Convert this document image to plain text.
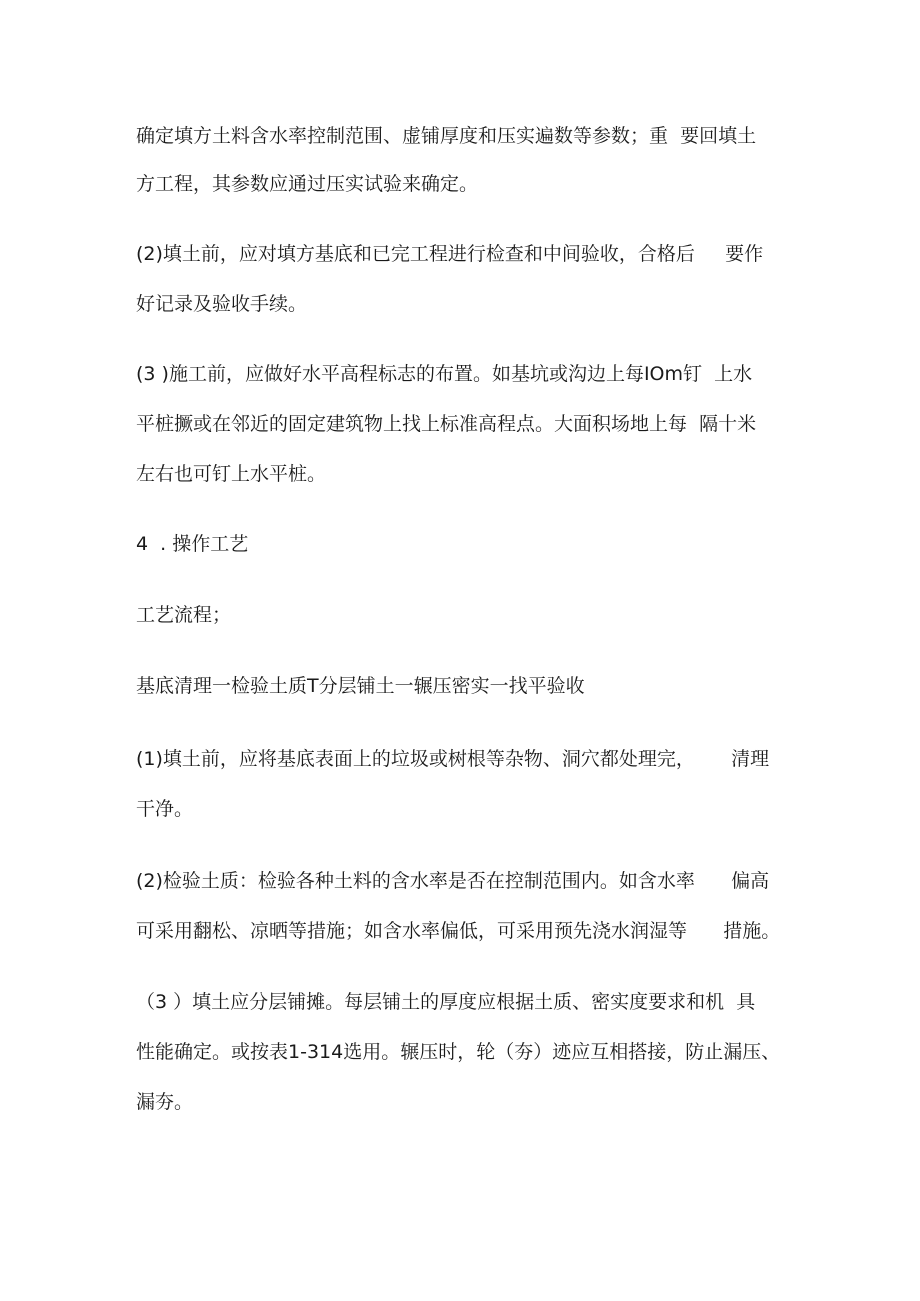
确定填方土料含水率控制范围、虚铺厚度和压实遍数等参数；重  要回填土
方工程，其参数应通过压实试验来确定。
(2)填土前，应对填方基底和已完工程进行检查和中间验收，合格后     要作
好记录及验收手续。
(3 )施工前，应做好水平高程标志的布置。如基坑或沟边上每IOm钉  上水
平桩撅或在邻近的固定建筑物上找上标准高程点。大面积场地上每  隔十米
左右也可钉上水平桩。
4  . 操作工艺
工艺流程；
基底清理一检验土质T分层铺土一辗压密实一找平验收
(1)填土前，应将基底表面上的垃圾或树根等杂物、洞穴都处理完，      清理
干净。
(2)检验土质：检验各种土料的含水率是否在控制范围内。如含水率      偏高
可采用翻松、凉晒等措施；如含水率偏低，可采用预先浇水润湿等      措施。
（3 ）填土应分层铺摊。每层铺土的厚度应根据土质、密实度要求和机  具
性能确定。或按表1-314选用。辗压时，轮（夯）迹应互相搭接，防止漏压、
漏夯。
